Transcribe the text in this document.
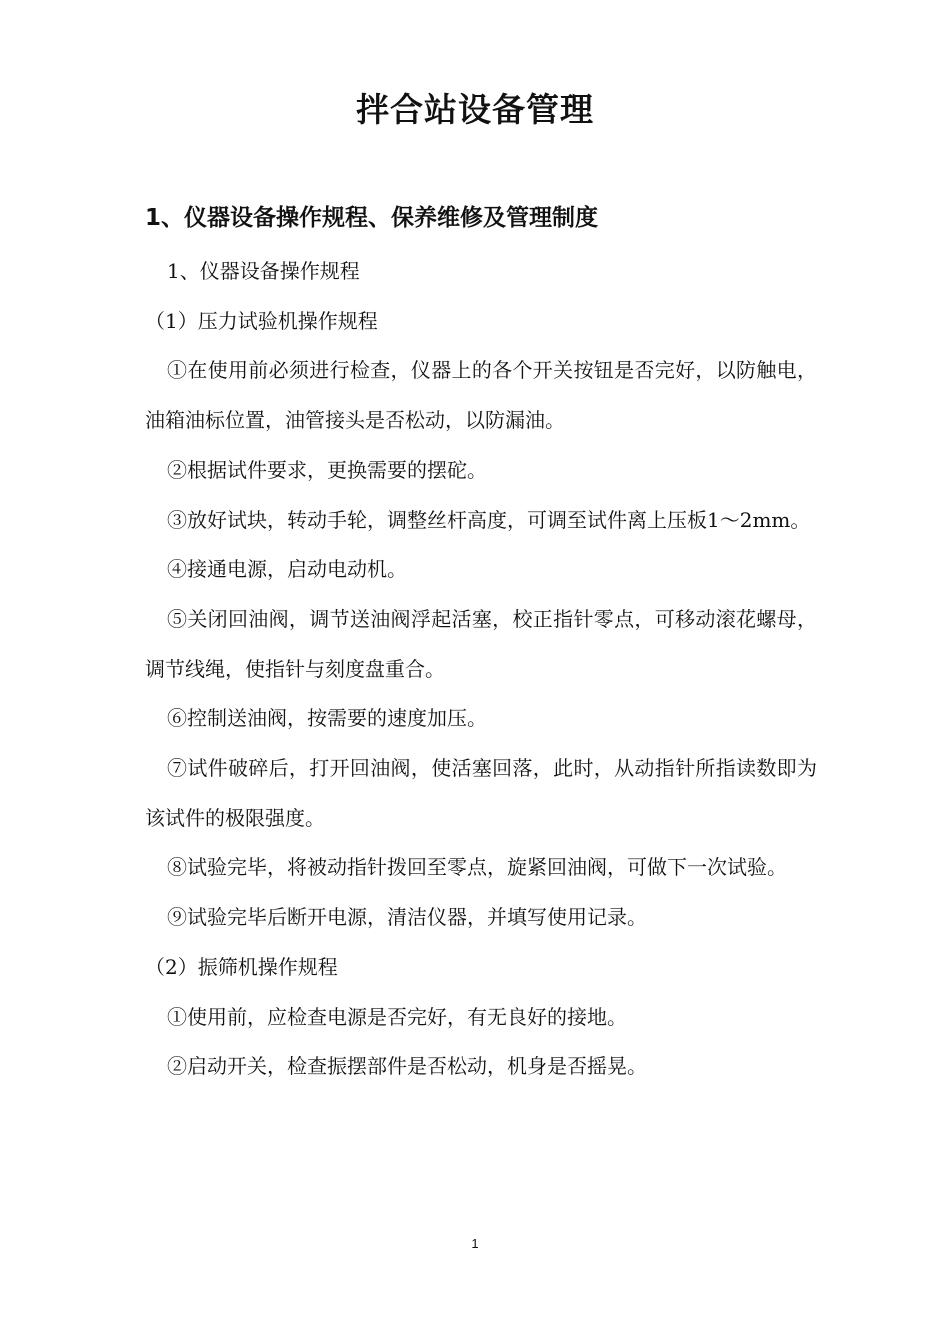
拌合站设备管理
1、仪器设备操作规程、保养维修及管理制度

1、仪器设备操作规程

（1）压力试验机操作规程

①在使用前必须进行检查，仪器上的各个开关按钮是否完好，以防触电，油箱油标位置，油管接头是否松动，以防漏油。

②根据试件要求，更换需要的摆砣。

③放好试块，转动手轮，调整丝杆高度，可调至试件离上压板1～2mm。

④接通电源，启动电动机。

⑤关闭回油阀，调节送油阀浮起活塞，校正指针零点，可移动滚花螺母，调节线绳，使指针与刻度盘重合。

⑥控制送油阀，按需要的速度加压。

⑦试件破碎后，打开回油阀，使活塞回落，此时，从动指针所指读数即为该试件的极限强度。

⑧试验完毕，将被动指针拨回至零点，旋紧回油阀，可做下一次试验。

⑨试验完毕后断开电源，清洁仪器，并填写使用记录。

（2）振筛机操作规程

①使用前，应检查电源是否完好，有无良好的接地。

②启动开关，检查振摆部件是否松动，机身是否摇晃。

1
